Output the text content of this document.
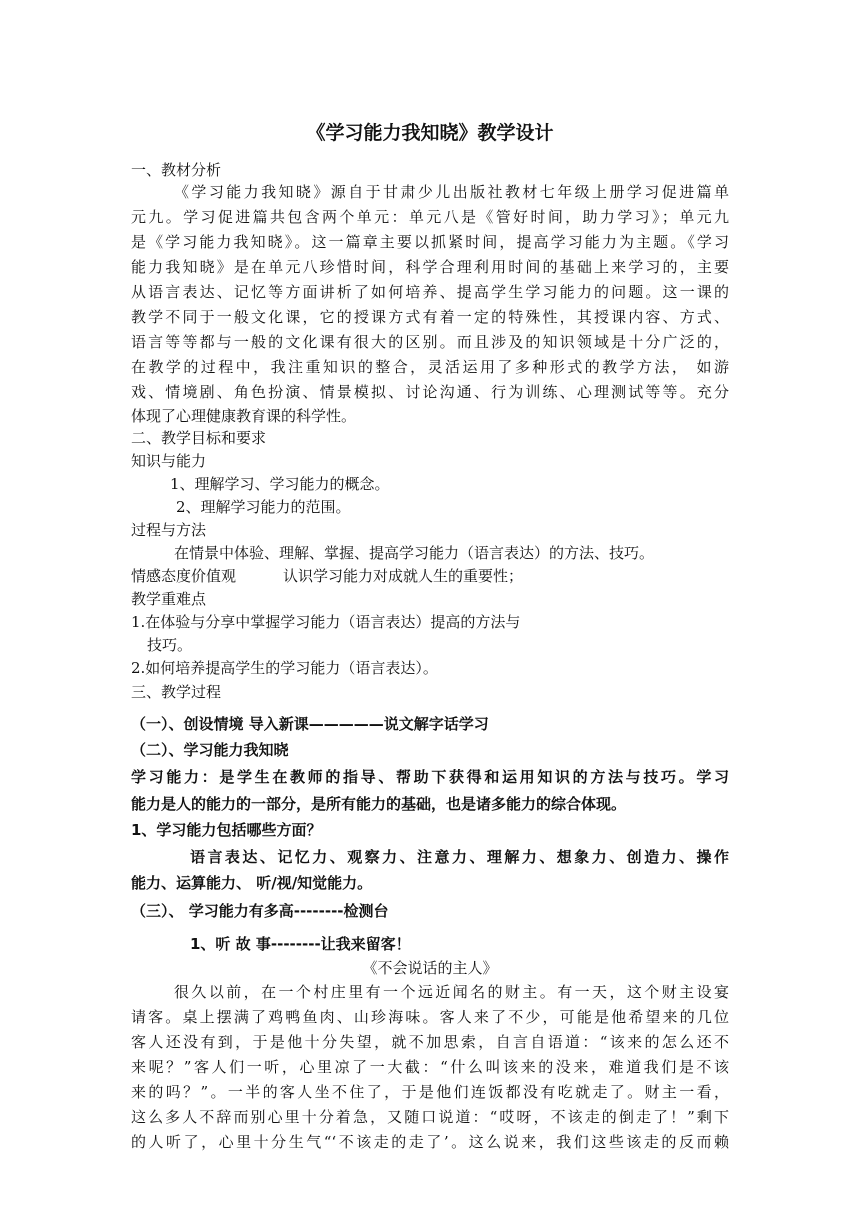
《学习能力我知晓》教学设计
一、教材分析
《学习能力我知晓》源自于甘肃少儿出版社教材七年级上册学习促进篇单
元九。学习促进篇共包含两个单元：单元八是《管好时间，助力学习》；单元九
是《学习能力我知晓》。这一篇章主要以抓紧时间，提高学习能力为主题。《学习
能力我知晓》是在单元八珍惜时间，科学合理利用时间的基础上来学习的，主要
从语言表达、记忆等方面讲析了如何培养、提高学生学习能力的问题。这一课的
教学不同于一般文化课，它的授课方式有着一定的特殊性，其授课内容、方式、
语言等等都与一般的文化课有很大的区别。而且涉及的知识领域是十分广泛的，
在教学的过程中，我注重知识的整合，灵活运用了多种形式的教学方法， 如游
戏、情境剧、角色扮演、情景模拟、讨论沟通、行为训练、心理测试等等。充分
体现了心理健康教育课的科学性。
二、教学目标和要求
知识与能力
1、理解学习、学习能力的概念。
2、理解学习能力的范围。
过程与方法
在情景中体验、理解、掌握、提高学习能力（语言表达）的方法、技巧。
情感态度价值观	认识学习能力对成就人生的重要性；
教学重难点
1.在体验与分享中掌握学习能力（语言表达）提高的方法与
技巧。
2.如何培养提高学生的学习能力（语言表达）。
三、教学过程
（一）、创设情境 导入新课—————说文解字话学习
（二）、学习能力我知晓
学习能力：是学生在教师的指导、帮助下获得和运用知识的方法与技巧。学习
能力是人的能力的一部分，是所有能力的基础，也是诸多能力的综合体现。
1、学习能力包括哪些方面？
语言表达、记忆力、观察力、注意力、理解力、想象力、创造力、操作
能力、运算能力、 听/视/知觉能力。
（三）、 学习能力有多高--------检测台
1、听 故 事--------让我来留客！
《不会说话的主人》
很久以前，在一个村庄里有一个远近闻名的财主。有一天，这个财主设宴
请客。桌上摆满了鸡鸭鱼肉、山珍海味。客人来了不少，可能是他希望来的几位
客人还没有到，于是他十分失望，就不加思索，自言自语道：“该来的怎么还不
来呢？”客人们一听，心里凉了一大截：“什么叫该来的没来，难道我们是不该
来的吗？”。一半的客人坐不住了，于是他们连饭都没有吃就走了。财主一看，
这么多人不辞而别心里十分着急，又随口说道：“哎呀，不该走的倒走了！”剩下
的人听了，心里十分生气“‘不该走的走了’。这么说来，我们这些该走的反而赖
